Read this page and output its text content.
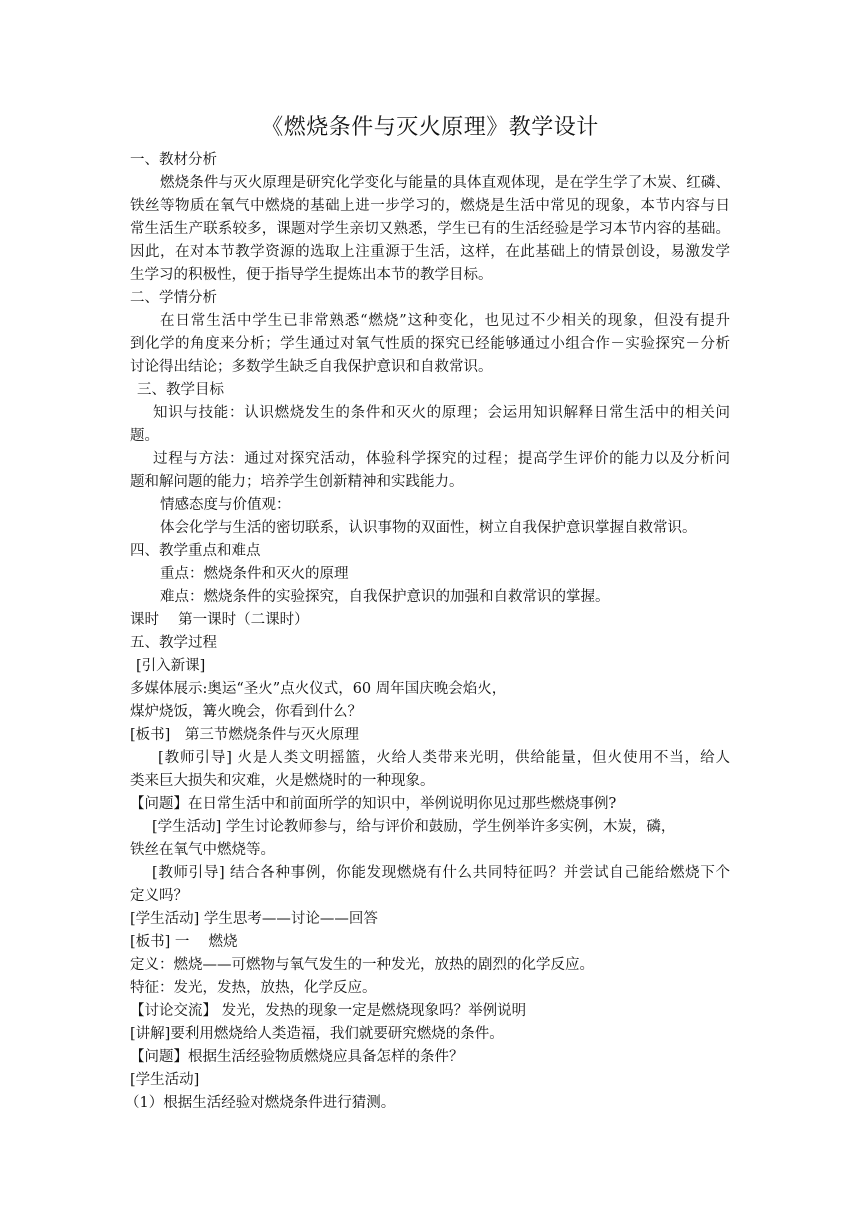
《燃烧条件与灭火原理》教学设计
一、教材分析
燃烧条件与灭火原理是研究化学变化与能量的具体直观体现，是在学生学了木炭、红磷、
铁丝等物质在氧气中燃烧的基础上进一步学习的，燃烧是生活中常见的现象，本节内容与日
常生活生产联系较多，课题对学生亲切又熟悉，学生已有的生活经验是学习本节内容的基础。
因此，在对本节教学资源的选取上注重源于生活，这样，在此基础上的情景创设，易激发学
生学习的积极性，便于指导学生提炼出本节的教学目标。
二、学情分析
在日常生活中学生已非常熟悉“燃烧”这种变化，也见过不少相关的现象，但没有提升
到化学的角度来分析；学生通过对氧气性质的探究已经能够通过小组合作－实验探究－分析
讨论得出结论；多数学生缺乏自我保护意识和自救常识。
三、教学目标
知识与技能：认识燃烧发生的条件和灭火的原理；会运用知识解释日常生活中的相关问
题。
过程与方法：通过对探究活动，体验科学探究的过程；提高学生评价的能力以及分析问
题和解问题的能力；培养学生创新精神和实践能力。
情感态度与价值观：
体会化学与生活的密切联系，认识事物的双面性，树立自我保护意识掌握自救常识。
四、教学重点和难点
重点：燃烧条件和灭火的原理
难点：燃烧条件的实验探究，自我保护意识的加强和自救常识的掌握。
课时　 第一课时（二课时）
五、教学过程
[引入新课]
多媒体展示:奥运“圣火”点火仪式，60 周年国庆晚会焰火，
煤炉烧饭，篝火晚会，你看到什么？
[板书]　第三节燃烧条件与灭火原理
[教师引导] 火是人类文明摇篮，火给人类带来光明，供给能量，但火使用不当，给人
类来巨大损失和灾难，火是燃烧时的一种现象。
【问题】在日常生活中和前面所学的知识中，举例说明你见过那些燃烧事例?
[学生活动] 学生讨论教师参与，给与评价和鼓励，学生例举许多实例，木炭，磷，
铁丝在氧气中燃烧等。
[教师引导] 结合各种事例，你能发现燃烧有什么共同特征吗？并尝试自己能给燃烧下个
定义吗？
[学生活动] 学生思考——讨论——回答
[板书] 一　 燃烧
定义：燃烧——可燃物与氧气发生的一种发光，放热的剧烈的化学反应。
特征：发光，发热，放热，化学反应。
【讨论交流】 发光，发热的现象一定是燃烧现象吗？举例说明
[讲解]要利用燃烧给人类造福，我们就要研究燃烧的条件。
【问题】根据生活经验物质燃烧应具备怎样的条件？
[学生活动]
（1）根据生活经验对燃烧条件进行猜测。
